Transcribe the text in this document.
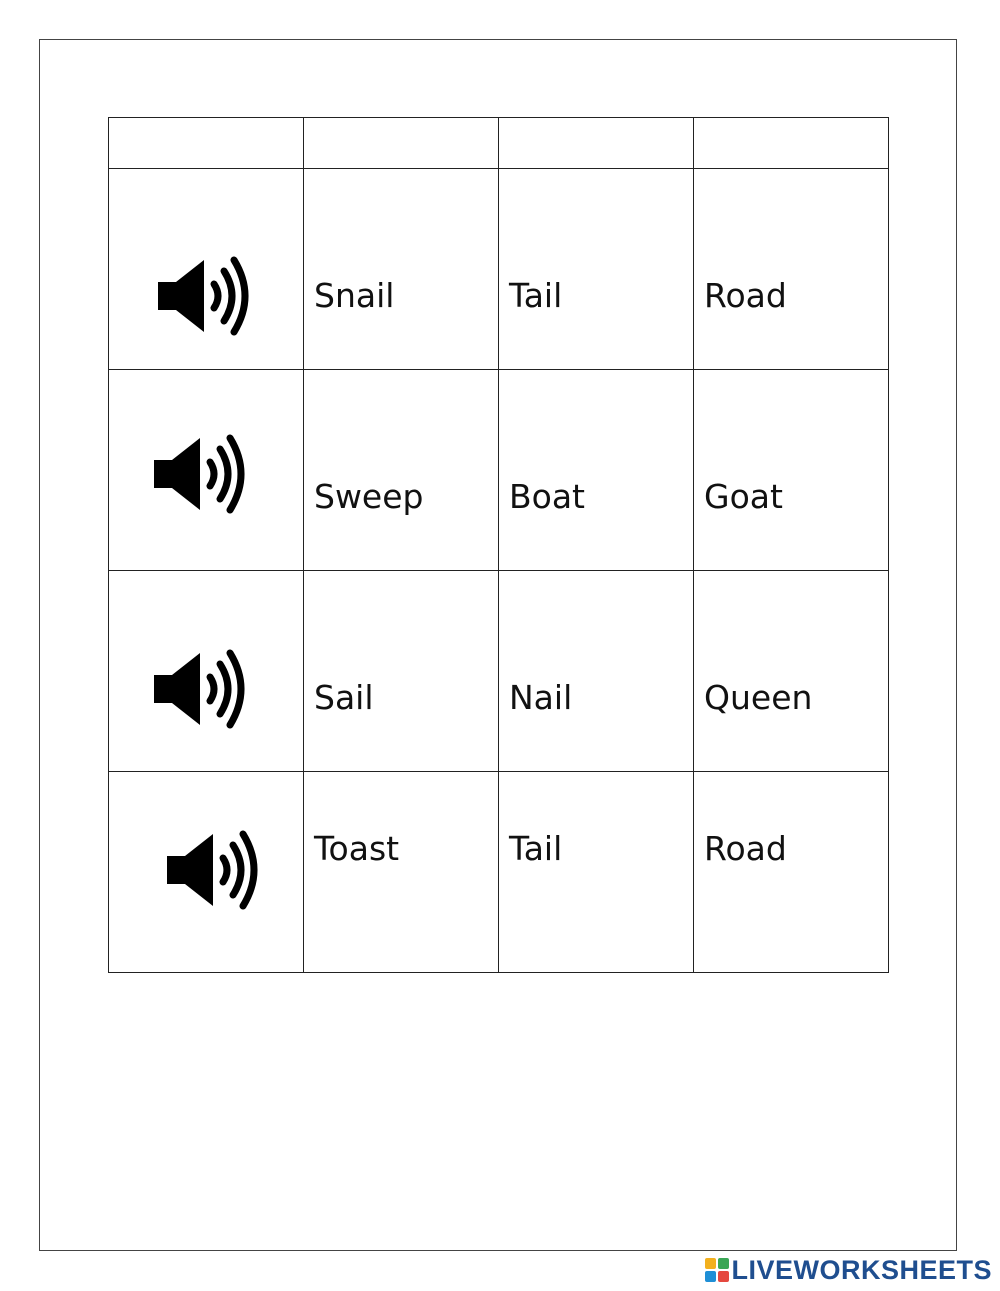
Snail	Tail	Road

Sweep	Boat	Goat

Sail	Nail	Queen

Toast	Tail	Road
LIVEWORKSHEETS
